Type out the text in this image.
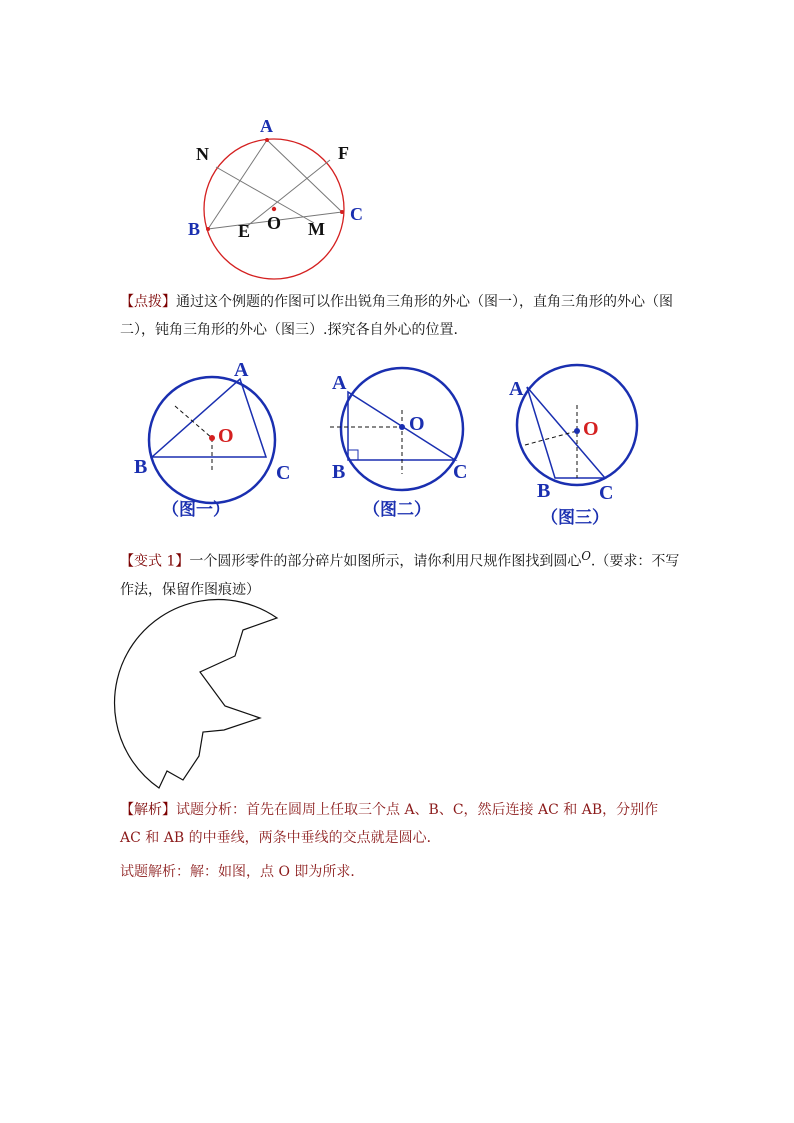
A
B
C
O
N	F
E	M
【点拨】通过这个例题的作图可以作出锐角三角形的外心（图一），直角三角形的外心（图二），钝角三角形的外心（图三）.探究各自外心的位置.
A
B	C
O
（图一）
A
B	C
O
（图二）
A
B C
O
（图三）
【变式 1】一个圆形零件的部分碎片如图所示，请你利用尺规作图找到圆心$^O$.（要求：不写作法，保留作图痕迹）
【解析】试题分析：首先在圆周上任取三个点 A、B、C，然后连接 AC 和 AB，分别作 AC 和 AB 的中垂线，两条中垂线的交点就是圆心．
试题解析：解：如图，点 O 即为所求．
